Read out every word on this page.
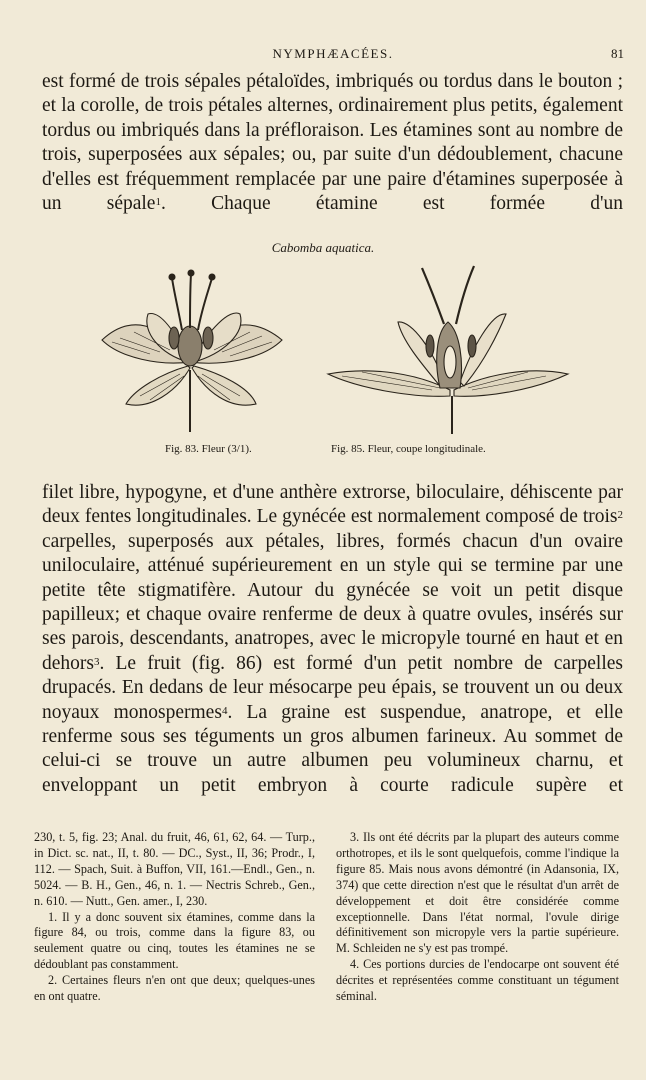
NYMPHÆACÉES.	81

est formé de trois sépales pétaloïdes, imbriqués ou tordus dans le bouton ; et la corolle, de trois pétales alternes, ordinairement plus petits, également tordus ou imbriqués dans la préfloraison. Les étamines sont au nombre de trois, superposées aux sépales; ou, par suite d'un dédoublement, chacune d'elles est fréquemment remplacée par une paire d'étamines superposée à un sépale$^1$. Chaque étamine est formée d'un

Cabomba aquatica.
Fig. 83. Fleur (3/1).	Fig. 85. Fleur, coupe longitudinale.

filet libre, hypogyne, et d'une anthère extrorse, biloculaire, déhiscente par deux fentes longitudinales. Le gynécée est normalement composé de trois$^2$ carpelles, superposés aux pétales, libres, formés chacun d'un ovaire uniloculaire, atténué supérieurement en un style qui se termine par une petite tête stigmatifère. Autour du gynécée se voit un petit disque papilleux; et chaque ovaire renferme de deux à quatre ovules, insérés sur ses parois, descendants, anatropes, avec le micropyle tourné en haut et en dehors$^3$. Le fruit (fig. 86) est formé d'un petit nombre de carpelles drupacés. En dedans de leur mésocarpe peu épais, se trouvent un ou deux noyaux monospermes$^4$. La graine est suspendue, anatrope, et elle renferme sous ses téguments un gros albumen farineux. Au sommet de celui-ci se trouve un autre albumen peu volumineux charnu, et enveloppant un petit embryon à courte radicule supère et

230, t. 5, fig. 23; Anal. du fruit, 46, 61, 62, 64. — Turp., in Dict. sc. nat., II, t. 80. — DC., Syst., II, 36; Prodr., I, 112. — Spach, Suit. à Buffon, VII, 161.—Endl., Gen., n. 5024. — B. H., Gen., 46, n. 1. — Nectris Schreb., Gen., n. 610. — Nutt., Gen. amer., I, 230.

1. Il y a donc souvent six étamines, comme dans la figure 84, ou trois, comme dans la figure 83, ou seulement quatre ou cinq, toutes les étamines ne se dédoublant pas constamment.

2. Certaines fleurs n'en ont que deux; quelques-unes en ont quatre.

3. Ils ont été décrits par la plupart des auteurs comme orthotropes, et ils le sont quelquefois, comme l'indique la figure 85. Mais nous avons démontré (in Adansonia, IX, 374) que cette direction n'est que le résultat d'un arrêt de développement et doit être considérée comme exceptionnelle. Dans l'état normal, l'ovule dirige définitivement son micropyle vers la partie supérieure. M. Schleiden ne s'y est pas trompé.

4. Ces portions durcies de l'endocarpe ont souvent été décrites et représentées comme constituant un tégument séminal.
